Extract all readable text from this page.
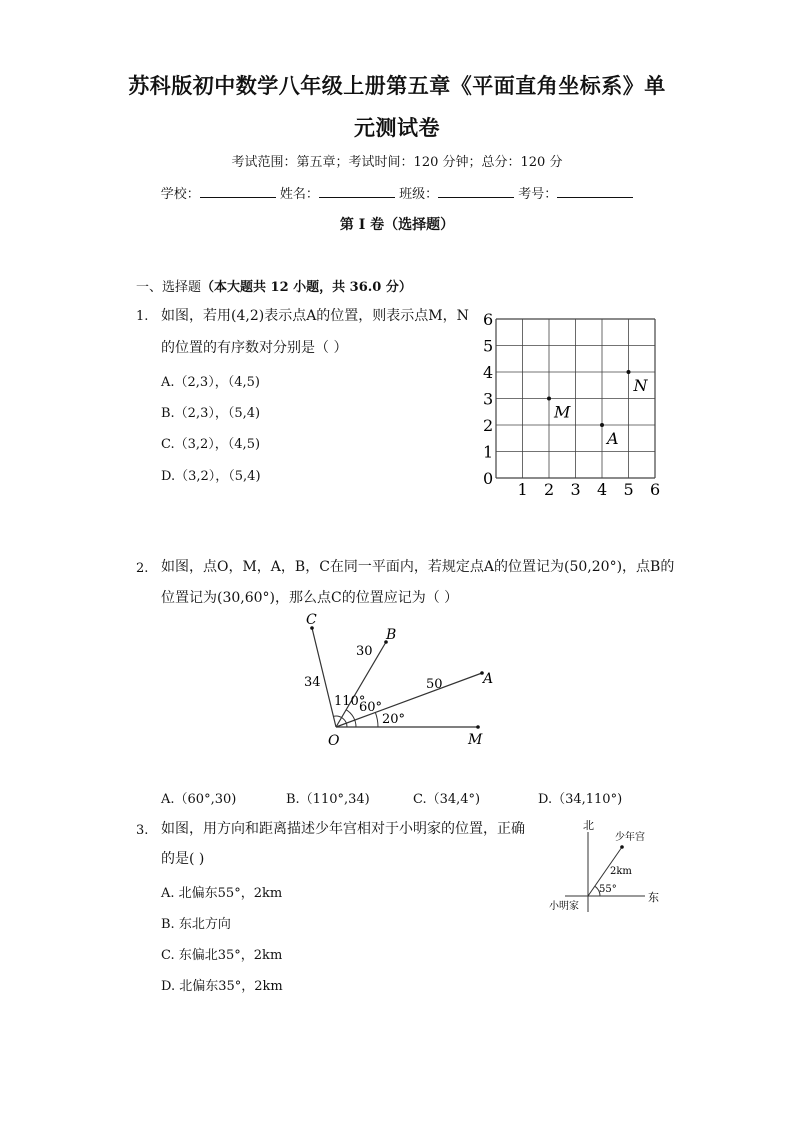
苏科版初中数学八年级上册第五章《平面直角坐标系》单
元测试卷
考试范围：第五章；考试时间：120 分钟；总分：120 分
学校：	姓名：	班级：	考号：
第 I 卷（选择题）
一、选择题（本大题共 12 小题，共 36.0 分）
1. 如图，若用(4,2)表示点A的位置，则表示点M，N
的位置的有序数对分别是（ ）
A.（2,3），（4,5)
B.（2,3），（5,4)
C.（3,2），（4,5)
D.（3,2），（5,4)
6
5
4
3
2
1
0
1 2 3 4 5 6
M
A
N
2. 如图，点O，M，A，B，C在同一平面内，若规定点A的位置记为(50,20°)，点B的
位置记为(30,60°)，那么点C的位置应记为（ ）
C
B
A
O	M
34
30
50
110°
60°
20°
A.（60°,30)	B.（110°,34)	C.（34,4°)	D.（34,110°)
3. 如图，用方向和距离描述少年宫相对于小明家的位置，正确
的是( )
A. 北偏东55°，2km
B. 东北方向
C. 东偏北35°，2km
D. 北偏东35°，2km
北
东
小明家
少年宫
2km
55°
